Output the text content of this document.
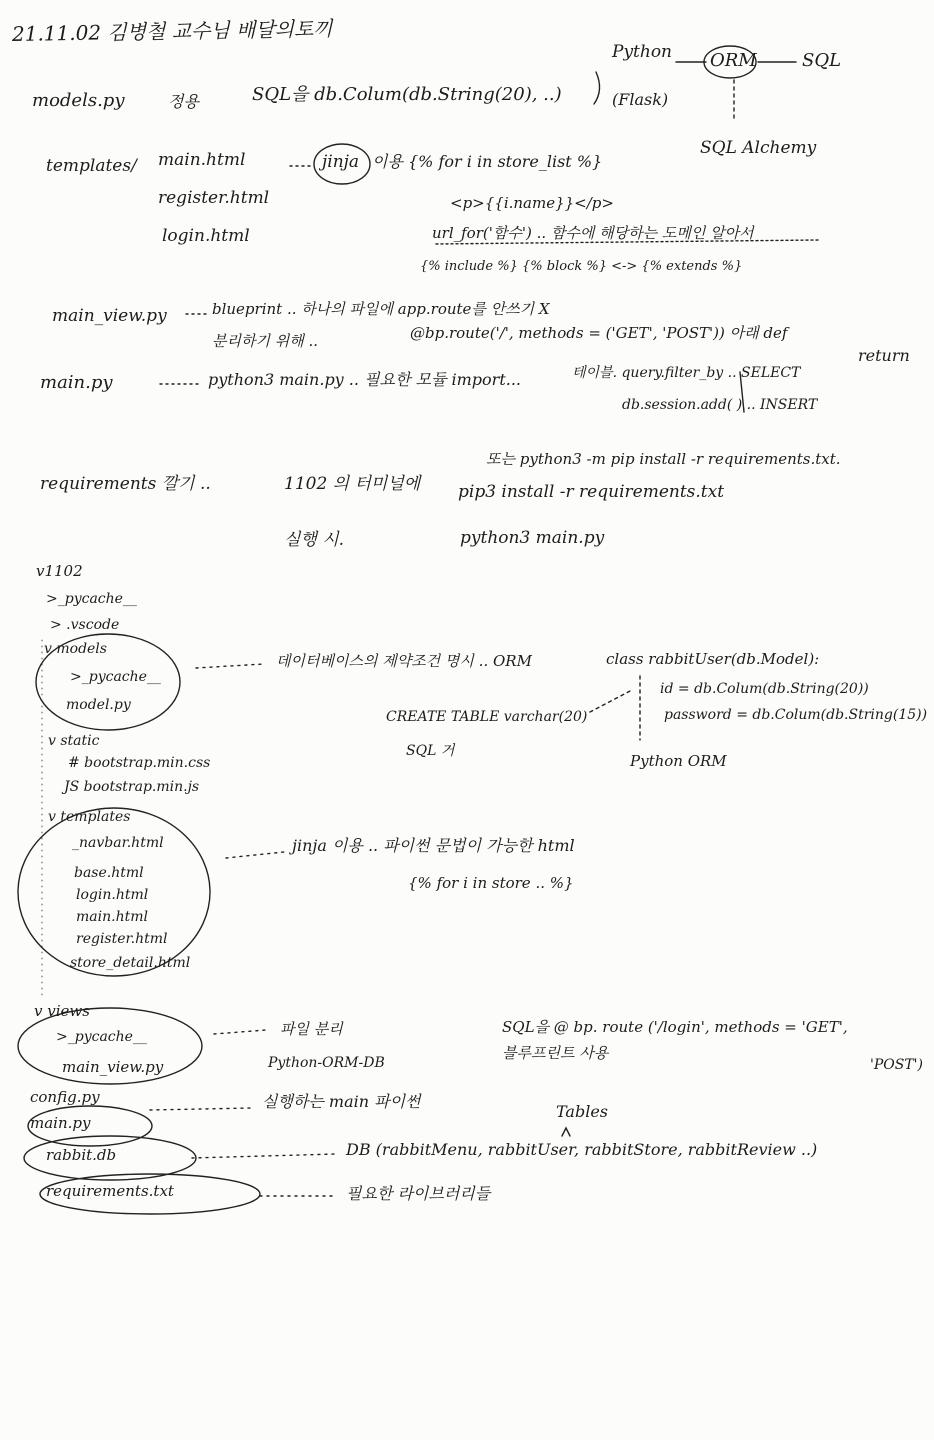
21.11.02 김병철 교수님 배달의토끼
Python
(Flask)
ORM	SQL
SQL Alchemy
models.py	정용	SQL을 db.Colum(db.String(20), ..)
templates/ main.html
register.html
login.html
jinja 이용 {% for i in store_list %}
<p>{{i.name}}</p>
url_for('함수') .. 함수에 해당하는 도메인 알아서
{% include %} {% block %} <-> {% extends %}
main_view.py	blueprint .. 하나의 파일에 app.route를 안쓰기 X
분리하기 위해 ..	@bp.route('/', methods = ('GET', 'POST')) 아래 def
return
main.py	python3 main.py .. 필요한 모듈 import...	테이블. query.filter_by .. SELECT
db.session.add( ) .. INSERT
또는 python3 -m pip install -r requirements.txt.
requirements 깔기 ..	1102 의 터미널에 pip3 install -r requirements.txt
실행 시.	python3 main.py
v1102
>_pycache__
> .vscode
v models
>_pycache__
model.py
v static
# bootstrap.min.css
JS bootstrap.min.js
v templates
_navbar.html
base.html
login.html
main.html
register.html
store_detail.html
v views
>_pycache__
main_view.py
config.py
main.py
rabbit.db
requirements.txt
데이터베이스의 제약조건 명시 .. ORM	class rabbitUser(db.Model):
id = db.Colum(db.String(20))
password = db.Colum(db.String(15))
CREATE TABLE varchar(20)
SQL 거
Python ORM
jinja 이용 .. 파이썬 문법이 가능한 html
{% for i in store .. %}
파일 분리
Python-ORM-DB
SQL을 @ bp. route ('/login', methods = 'GET',
블루프린트 사용
'POST')
실행하는 main 파이썬
Tables
DB (rabbitMenu, rabbitUser, rabbitStore, rabbitReview ..)
필요한 라이브러리들
